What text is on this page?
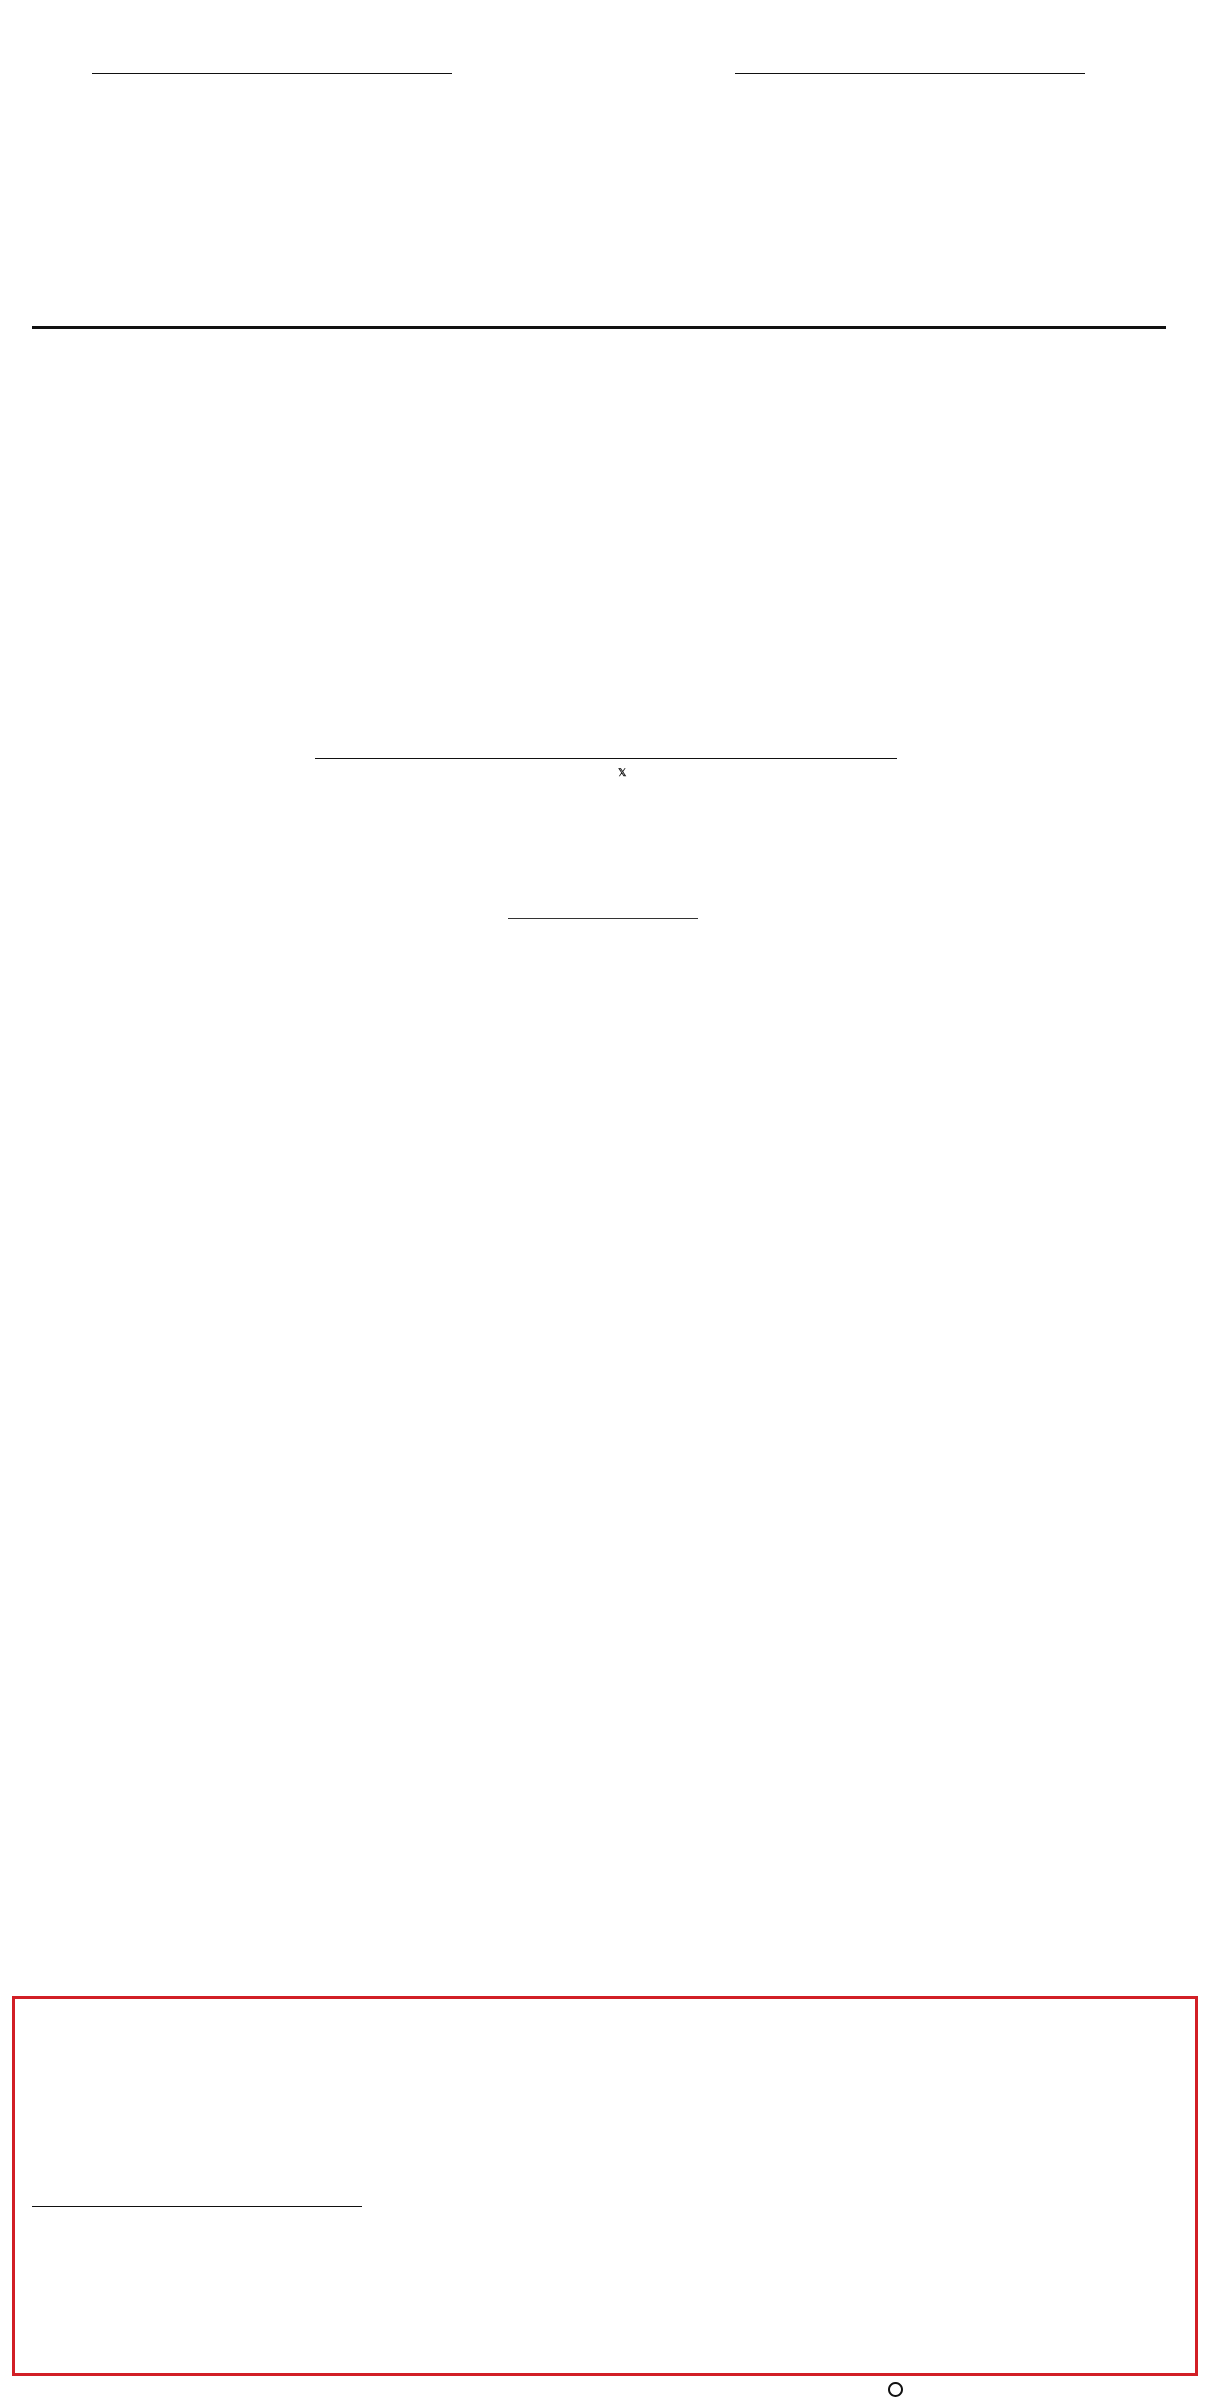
𝕏
